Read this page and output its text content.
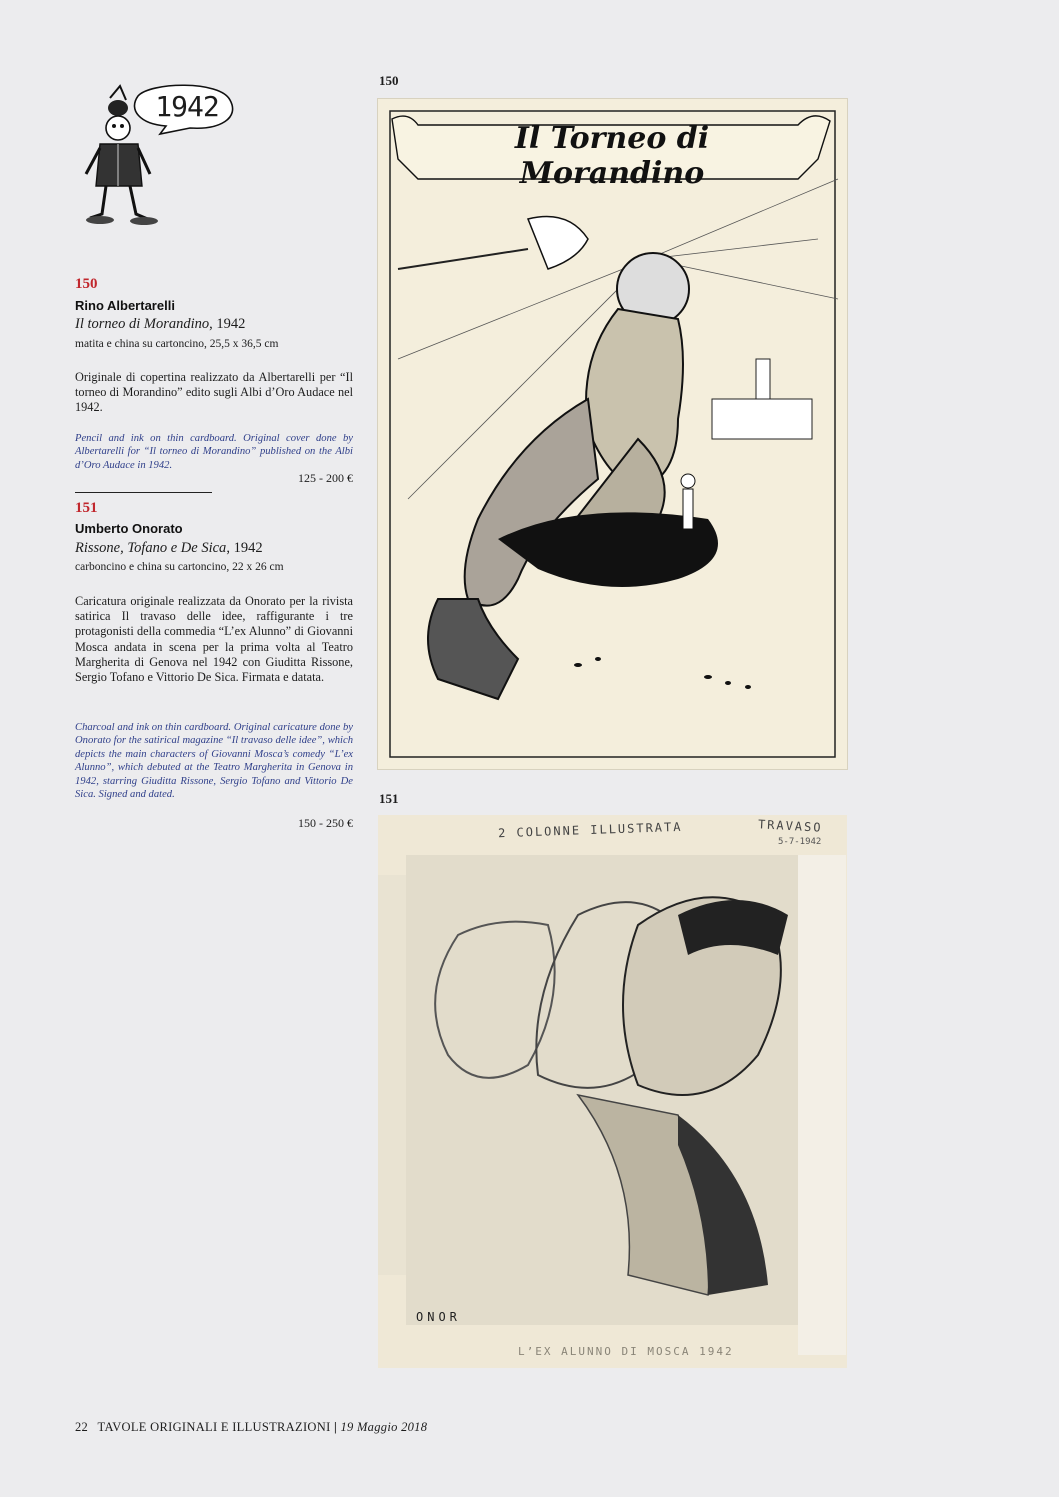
1942
150
Rino Albertarelli
Il torneo di Morandino, 1942
matita e china su cartoncino, 25,5 x 36,5 cm
Originale di copertina realizzato da Albertarelli per “Il torneo di Morandino” edito sugli Albi d’Oro Audace nel 1942.
Pencil and ink on thin cardboard. Original cover done by Albertarelli for “Il torneo di Morandino” published on the Albi d’Oro Audace in 1942.
125 - 200 €
151
Umberto Onorato
Rissone, Tofano e De Sica, 1942
carboncino e china su cartoncino, 22 x 26 cm
Caricatura originale realizzata da Onorato per la rivista satirica Il travaso delle idee, raffigurante i tre protagonisti della commedia “L’ex Alunno” di Giovanni Mosca andata in scena per la prima volta al Teatro Margherita di Genova nel 1942 con Giuditta Rissone, Sergio Tofano e Vittorio De Sica. Firmata e datata.
Charcoal and ink on thin cardboard. Original caricature done by Onorato for the satirical magazine “Il travaso delle idee”, which depicts the main characters of Giovanni Mosca’s comedy “L’ex Alunno”, which debuted at the Teatro Margherita in Genova in 1942, starring Giuditta Rissone, Sergio Tofano and Vittorio De Sica. Signed and dated.
150 - 250 €
150
Il Torneo di Morandino
151
2 COLONNE ILLUSTRATA	TRAVASO
5-7-1942
ONOR
L’EX ALUNNO DI MOSCA 1942
22 TAVOLE ORIGINALI E ILLUSTRAZIONI | 19 Maggio 2018
